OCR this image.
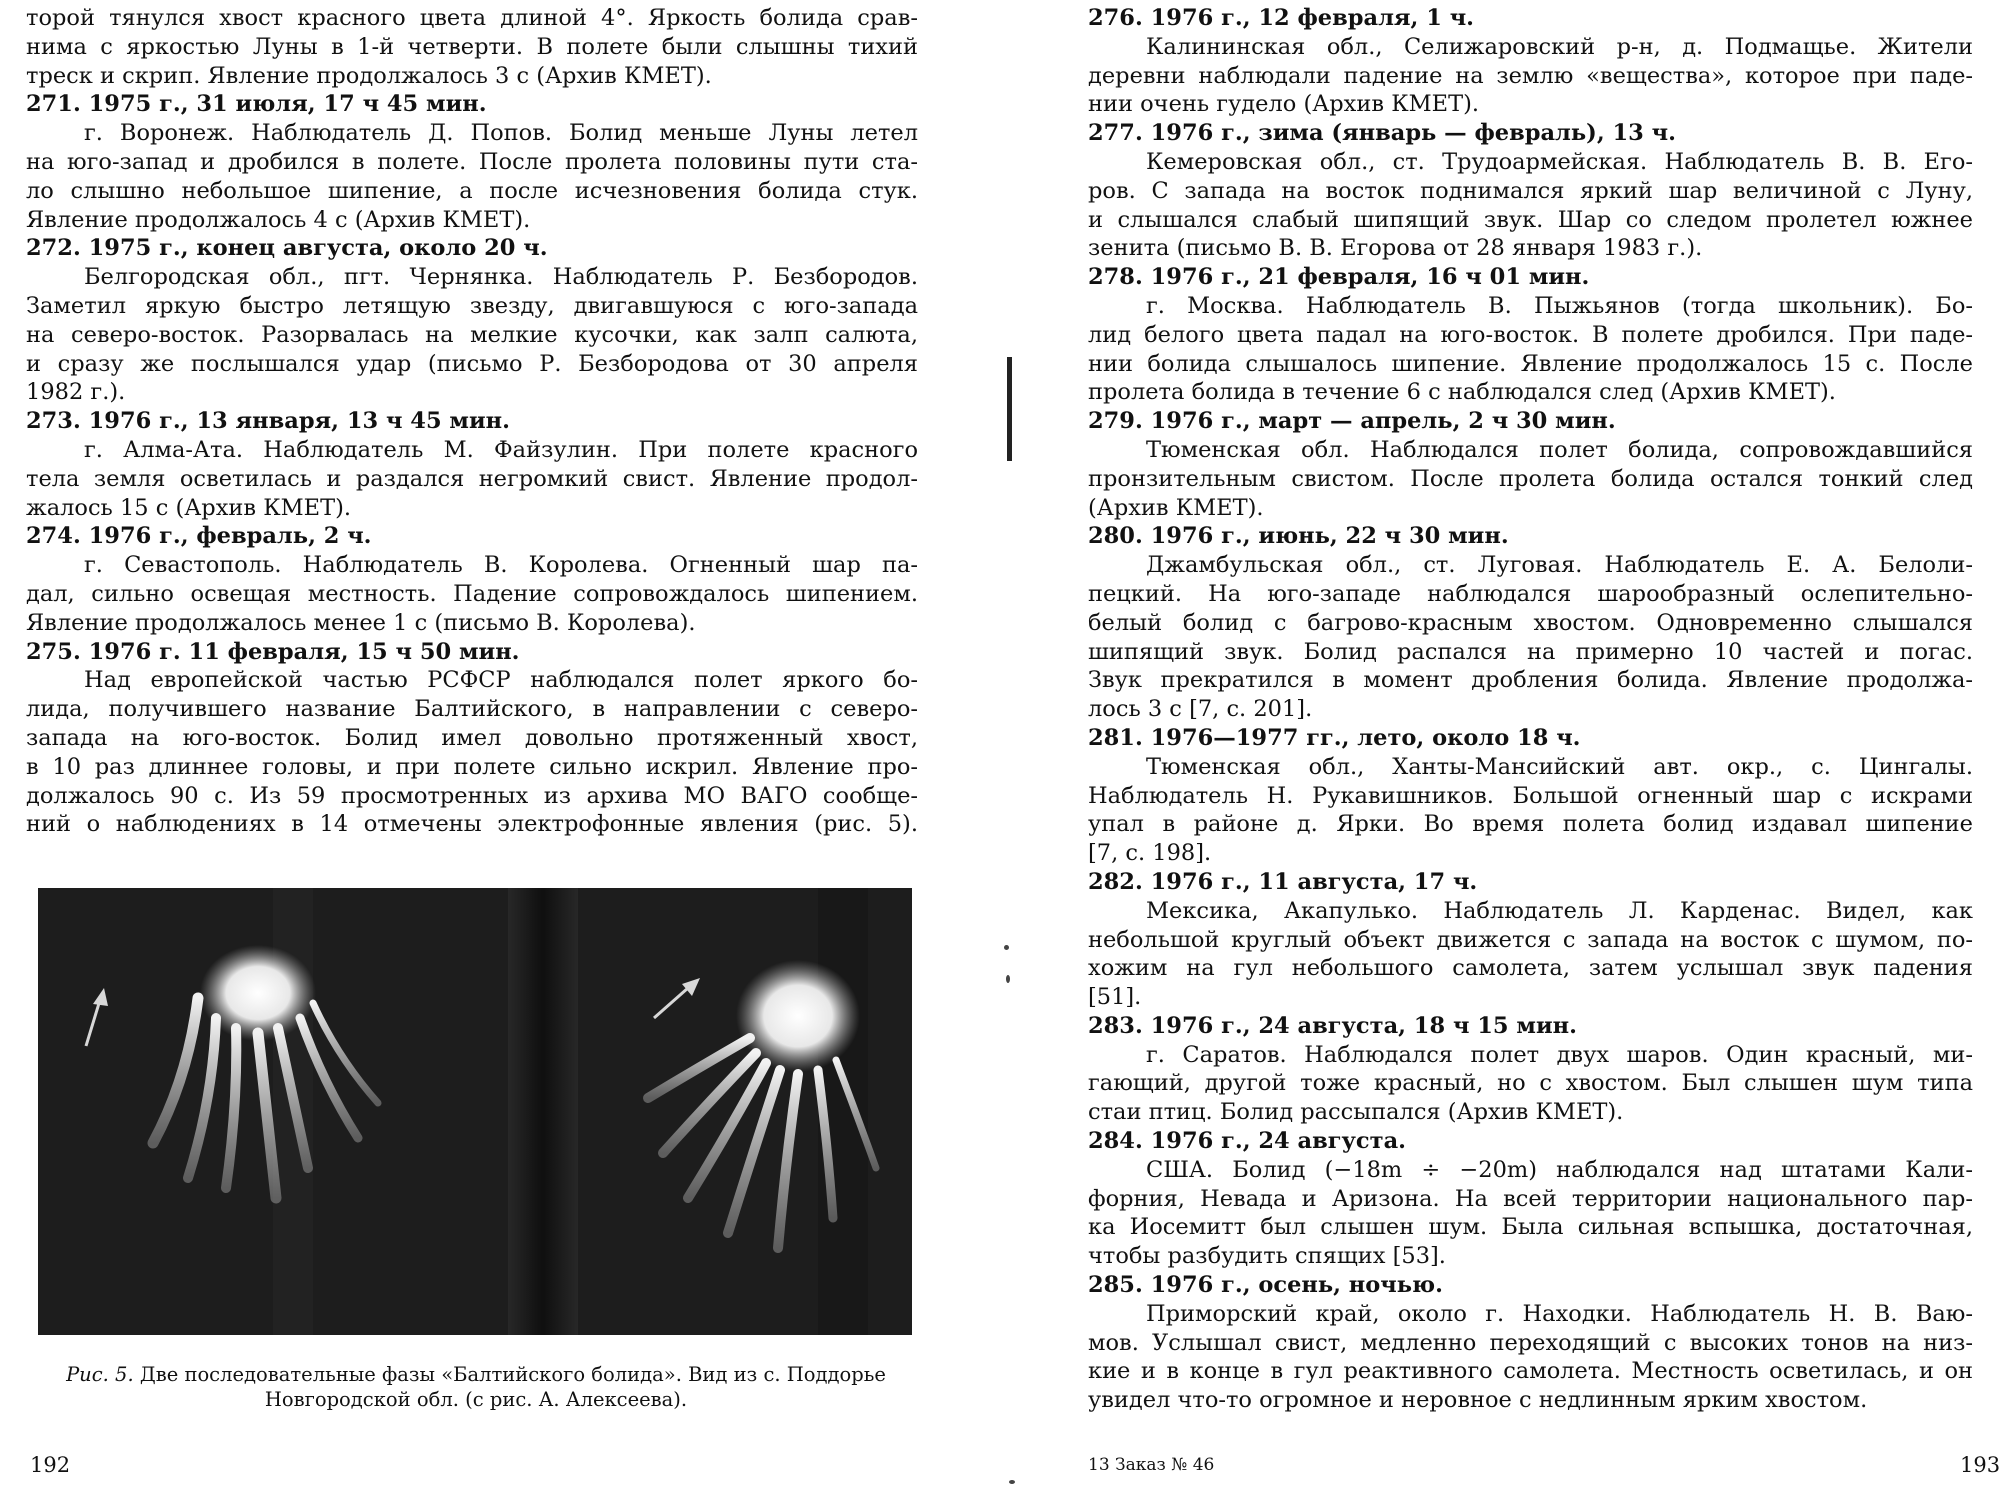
торой тянулся хвост красного цвета длиной 4°. Яркость болида срав-
нима с яркостью Луны в 1-й четверти. В полете были слышны тихий
треск и скрип. Явление продолжалось 3 с (Архив КМЕТ).
271. 1975 г., 31 июля, 17 ч 45 мин.
г. Воронеж. Наблюдатель Д. Попов. Болид меньше Луны летел
на юго-запад и дробился в полете. После пролета половины пути ста-
ло слышно небольшое шипение, а после исчезновения болида стук.
Явление продолжалось 4 с (Архив КМЕТ).
272. 1975 г., конец августа, около 20 ч.
Белгородская обл., пгт. Чернянка. Наблюдатель Р. Безбородов.
Заметил яркую быстро летящую звезду, двигавшуюся с юго-запада
на северо-восток. Разорвалась на мелкие кусочки, как залп салюта,
и сразу же послышался удар (письмо Р. Безбородова от 30 апреля
1982 г.).
273. 1976 г., 13 января, 13 ч 45 мин.
г. Алма-Ата. Наблюдатель М. Файзулин. При полете красного
тела земля осветилась и раздался негромкий свист. Явление продол-
жалось 15 с (Архив КМЕТ).
274. 1976 г., февраль, 2 ч.
г. Севастополь. Наблюдатель В. Королева. Огненный шар па-
дал, сильно освещая местность. Падение сопровождалось шипением.
Явление продолжалось менее 1 с (письмо В. Королева).
275. 1976 г. 11 февраля, 15 ч 50 мин.
Над европейской частью РСФСР наблюдался полет яркого бо-
лида, получившего название Балтийского, в направлении с северо-
запада на юго-восток. Болид имел довольно протяженный хвост,
в 10 раз длиннее головы, и при полете сильно искрил. Явление про-
должалось 90 с. Из 59 просмотренных из архива МО ВАГО сообще-
ний о наблюдениях в 14 отмечены электрофонные явления (рис. 5).
Рис. 5. Две последовательные фазы «Балтийского болида». Вид из с. Поддорье
Новгородской обл. (с рис. А. Алексеева).
192
276. 1976 г., 12 февраля, 1 ч.
Калининская обл., Селижаровский р-н, д. Подмащье. Жители
деревни наблюдали падение на землю «вещества», которое при паде-
нии очень гудело (Архив КМЕТ).
277. 1976 г., зима (январь — февраль), 13 ч.
Кемеровская обл., ст. Трудоармейская. Наблюдатель В. В. Его-
ров. С запада на восток поднимался яркий шар величиной с Луну,
и слышался слабый шипящий звук. Шар со следом пролетел южнее
зенита (письмо В. В. Егорова от 28 января 1983 г.).
278. 1976 г., 21 февраля, 16 ч 01 мин.
г. Москва. Наблюдатель В. Пыжьянов (тогда школьник). Бо-
лид белого цвета падал на юго-восток. В полете дробился. При паде-
нии болида слышалось шипение. Явление продолжалось 15 с. После
пролета болида в течение 6 с наблюдался след (Архив КМЕТ).
279. 1976 г., март — апрель, 2 ч 30 мин.
Тюменская обл. Наблюдался полет болида, сопровождавшийся
пронзительным свистом. После пролета болида остался тонкий след
(Архив КМЕТ).
280. 1976 г., июнь, 22 ч 30 мин.
Джамбульская обл., ст. Луговая. Наблюдатель Е. А. Белоли-
пецкий. На юго-западе наблюдался шарообразный ослепительно-
белый болид с багрово-красным хвостом. Одновременно слышался
шипящий звук. Болид распался на примерно 10 частей и погас.
Звук прекратился в момент дробления болида. Явление продолжа-
лось 3 с [7, с. 201].
281. 1976—1977 гг., лето, около 18 ч.
Тюменская обл., Ханты-Мансийский авт. окр., с. Цингалы.
Наблюдатель Н. Рукавишников. Большой огненный шар с искрами
упал в районе д. Ярки. Во время полета болид издавал шипение
[7, с. 198].
282. 1976 г., 11 августа, 17 ч.
Мексика, Акапулько. Наблюдатель Л. Карденас. Видел, как
небольшой круглый объект движется с запада на восток с шумом, по-
хожим на гул небольшого самолета, затем услышал звук падения
[51].
283. 1976 г., 24 августа, 18 ч 15 мин.
г. Саратов. Наблюдался полет двух шаров. Один красный, ми-
гающий, другой тоже красный, но с хвостом. Был слышен шум типа
стаи птиц. Болид рассыпался (Архив КМЕТ).
284. 1976 г., 24 августа.
США. Болид (−18m ÷ −20m) наблюдался над штатами Кали-
форния, Невада и Аризона. На всей территории национального пар-
ка Иосемитт был слышен шум. Была сильная вспышка, достаточная,
чтобы разбудить спящих [53].
285. 1976 г., осень, ночью.
Приморский край, около г. Находки. Наблюдатель Н. В. Ваю-
мов. Услышал свист, медленно переходящий с высоких тонов на низ-
кие и в конце в гул реактивного самолета. Местность осветилась, и он
увидел что-то огромное и неровное с недлинным ярким хвостом.
13 Заказ № 46	193
